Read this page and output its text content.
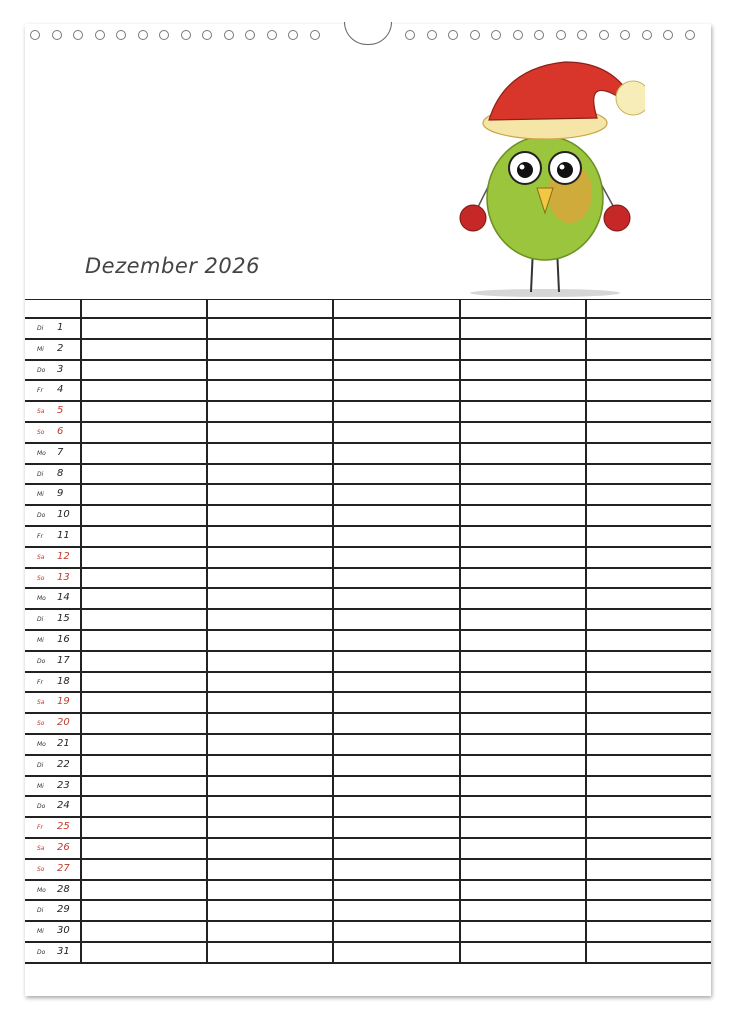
Dezember 2026

Di 1					

Mi 2					

Do 3					

Fr 4					

Sa 5					

So 6					

Mo 7					

Di 8					

Mi 9					

Do 10					

Fr 11					

Sa 12					

So 13					

Mo 14					

Di 15					

Mi 16					

Do 17					

Fr 18					

Sa 19					

So 20					

Mo 21					

Di 22					

Mi 23					

Do 24					

Fr 25					

Sa 26					

So 27					

Mo 28					

Di 29					

Mi 30					

Do 31					
